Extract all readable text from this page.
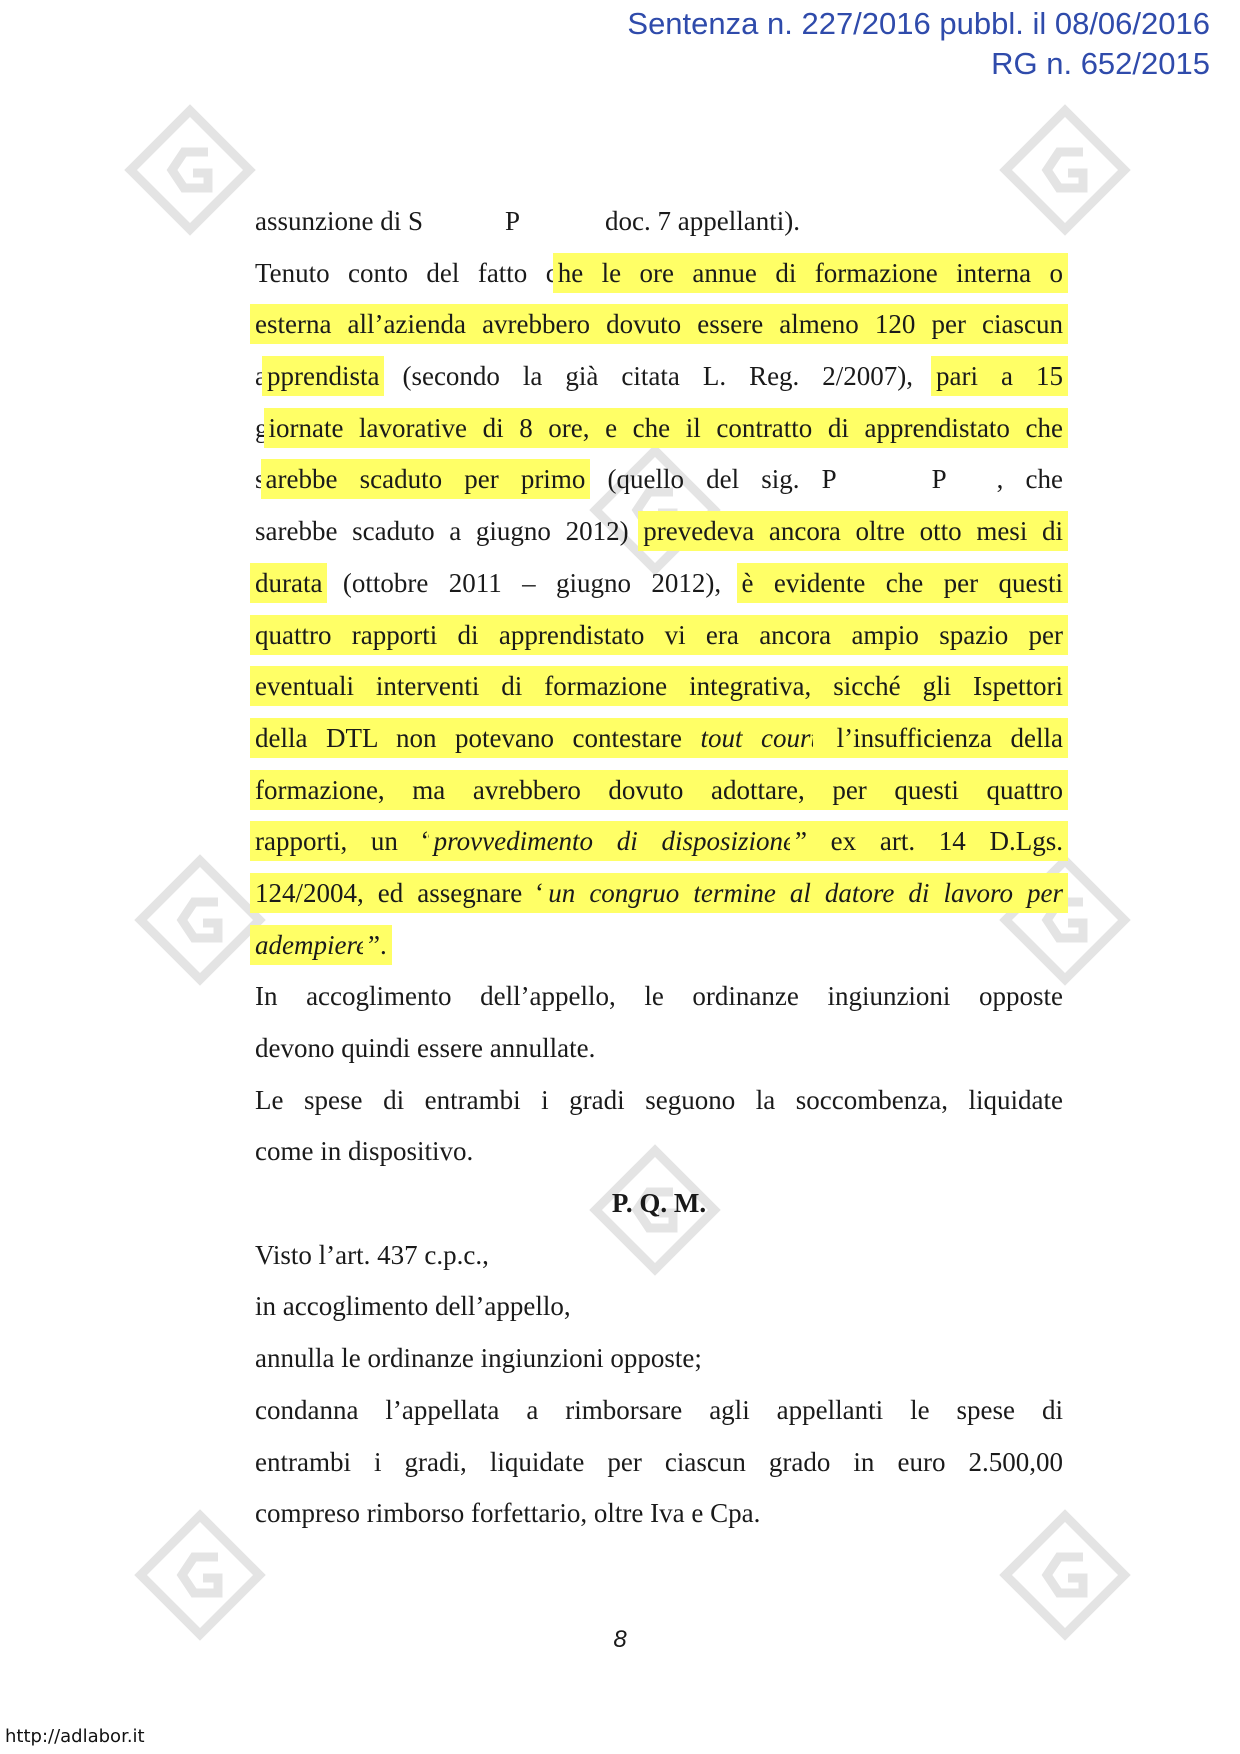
Sentenza n. 227/2016 pubbl. il 08/06/2016
RG n. 652/2015
assunzione di S	P	doc. 7 appellanti).
Tenuto conto del fatto che le ore annue di formazione interna o
esterna all’azienda avrebbero dovuto essere almeno 120 per ciascun
apprendista (secondo la già citata L. Reg. 2/2007), pari a 15
giornate lavorative di 8 ore, e che il contratto di apprendistato che
sarebbe scaduto per primo (quello del sig. P	P , che
sarebbe scaduto a giugno 2012) prevedeva ancora oltre otto mesi di
durata (ottobre 2011 – giugno 2012), è evidente che per questi
quattro rapporti di apprendistato vi era ancora ampio spazio per
eventuali interventi di formazione integrativa, sicché gli Ispettori
della DTL non potevano contestare tout court l’insufficienza della
formazione, ma avrebbero dovuto adottare, per questi quattro
rapporti, un “provvedimento di disposizione” ex art. 14 D.Lgs.
124/2004, ed assegnare “un congruo termine al datore di lavoro per
adempiere”.
In accoglimento dell’appello, le ordinanze ingiunzioni opposte
devono quindi essere annullate.
Le spese di entrambi i gradi seguono la soccombenza, liquidate
come in dispositivo.
P. Q. M.
Visto l’art. 437 c.p.c.,
in accoglimento dell’appello,
annulla le ordinanze ingiunzioni opposte;
condanna l’appellata a rimborsare agli appellanti le spese di
entrambi i gradi, liquidate per ciascun grado in euro 2.500,00
compreso rimborso forfettario, oltre Iva e Cpa.
8
http://adlabor.it
